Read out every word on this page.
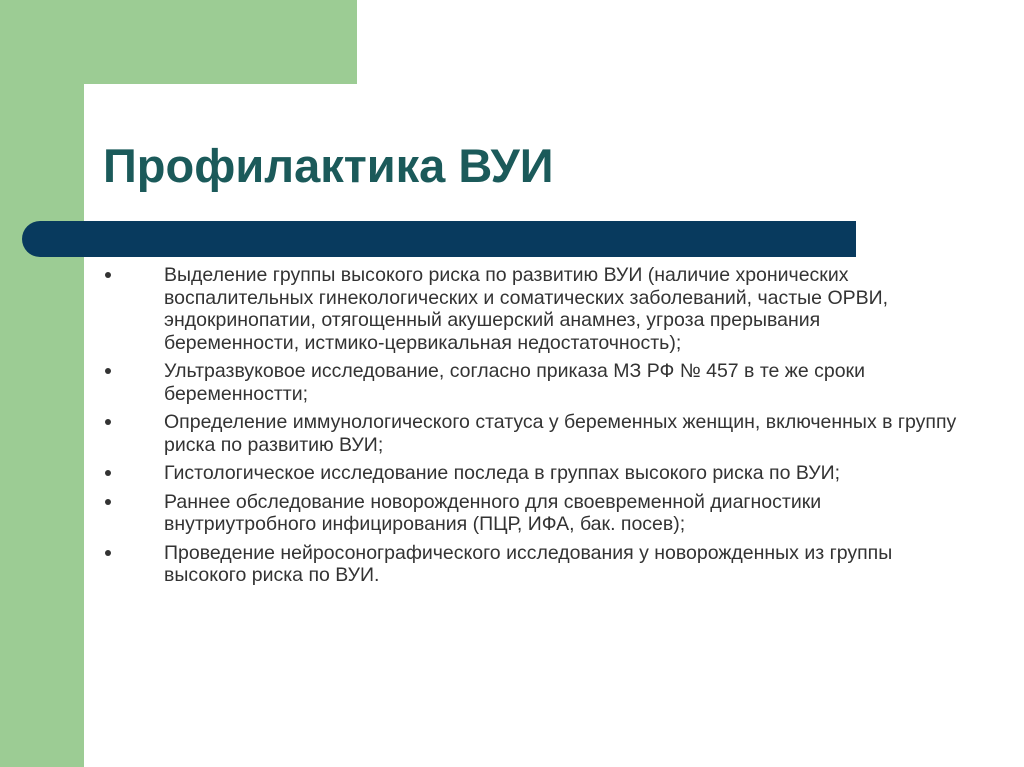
Профилактика ВУИ
Выделение группы высокого риска по развитию ВУИ (наличие хронических воспалительных гинекологических и соматических заболеваний, частые ОРВИ, эндокринопатии, отягощенный акушерский анамнез, угроза прерывания беременности, истмико-цервикальная недостаточность);
Ультразвуковое исследование, согласно приказа МЗ РФ № 457 в те же сроки беременностти;
Определение иммунологического статуса у беременных женщин, включенных в группу риска по развитию ВУИ;
Гистологическое исследование последа в группах высокого риска по ВУИ;
Раннее обследование новорожденного для своевременной диагностики внутриутробного инфицирования (ПЦР, ИФА, бак. посев);
Проведение нейросонографического исследования у новорожденных из группы высокого риска по ВУИ.
